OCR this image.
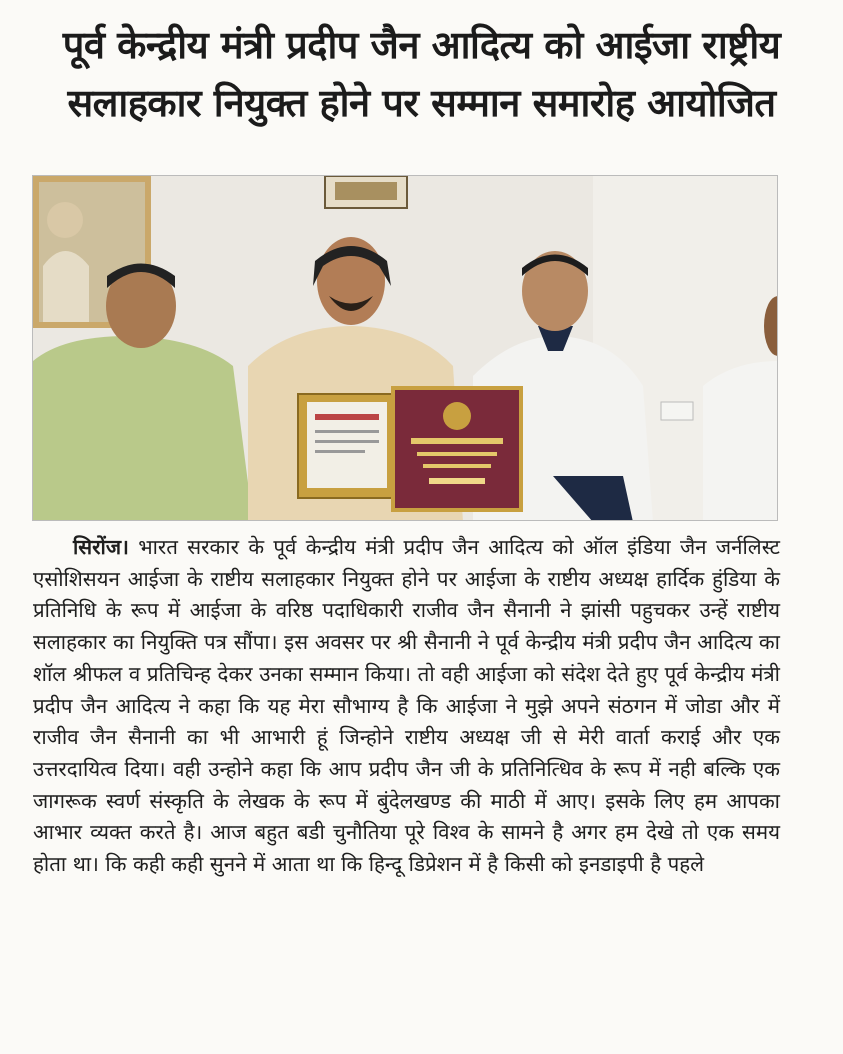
पूर्व केन्द्रीय मंत्री प्रदीप जैन आदित्य को आईजा राष्ट्रीय
सलाहकार नियुक्त होने पर सम्मान समारोह आयोजित
सिरोंज। भारत सरकार के पूर्व केन्द्रीय मंत्री प्रदीप जैन आदित्य को ऑल इंडिया जैन जर्नलिस्ट एसोशिसयन आईजा के राष्टीय सलाहकार नियुक्त होने पर आईजा के राष्टीय अध्यक्ष हार्दिक हुंडिया के प्रतिनिधि के रूप में आईजा के वरिष्ठ पदाधिकारी राजीव जैन सैनानी ने झांसी पहुचकर उन्हें राष्टीय सलाहकार का नियुक्ति पत्र सौंपा। इस अवसर पर श्री सैनानी ने पूर्व केन्द्रीय मंत्री प्रदीप जैन आदित्य का शॉल श्रीफल व प्रतिचिन्ह देकर उनका सम्मान किया। तो वही आईजा को संदेश देते हुए पूर्व केन्द्रीय मंत्री प्रदीप जैन आदित्य ने कहा कि यह मेरा सौभाग्य है कि आईजा ने मुझे अपने संठगन में जोडा और में राजीव जैन सैनानी का भी आभारी हूं जिन्होने राष्टीय अध्यक्ष जी से मेरी वार्ता कराई और एक उत्तरदायित्व दिया। वही उन्होने कहा कि आप प्रदीप जैन जी के प्रतिनित्धिव के रूप में नही बल्कि एक जागरूक स्वर्ण संस्कृति के लेखक के रूप में बुंदेलखण्ड की माठी में आए। इसके लिए हम आपका आभार व्यक्त करते है। आज बहुत बडी चुनौतिया पूरे विश्व के सामने है अगर हम देखे तो एक समय होता था। कि कही कही सुनने में आता था कि हिन्दू डिप्रेशन में है किसी को इनडाइपी है पहले
